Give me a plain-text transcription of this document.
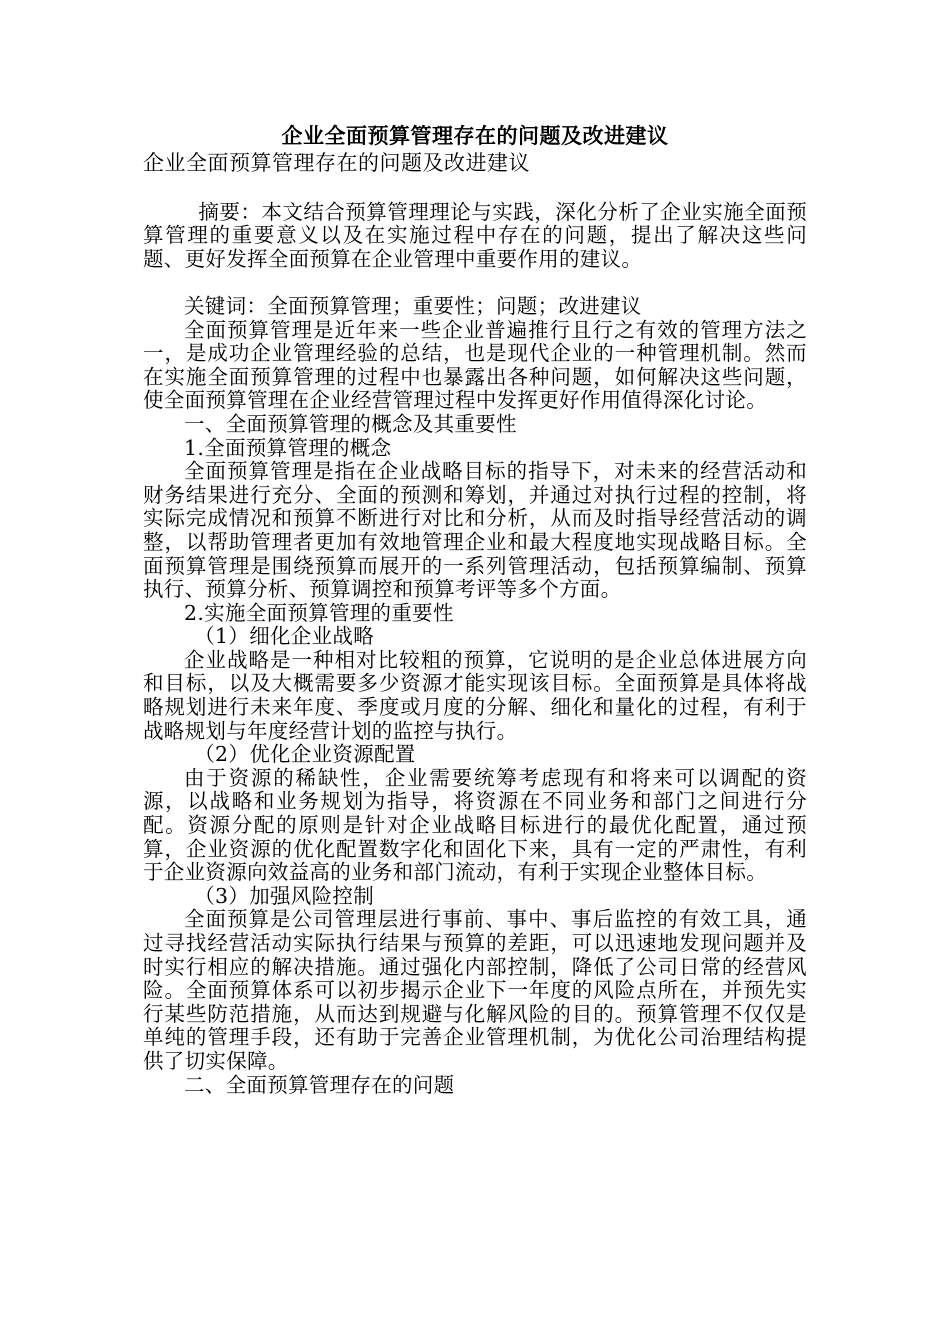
企业全面预算管理存在的问题及改进建议

企业全面预算管理存在的问题及改进建议

摘要：本文结合预算管理理论与实践，深化分析了企业实施全面预算管理的重要意义以及在实施过程中存在的问题，提出了解决这些问题、更好发挥全面预算在企业管理中重要作用的建议。

关键词：全面预算管理；重要性；问题；改进建议

全面预算管理是近年来一些企业普遍推行且行之有效的管理方法之一，是成功企业管理经验的总结，也是现代企业的一种管理机制。然而在实施全面预算管理的过程中也暴露出各种问题，如何解决这些问题，使全面预算管理在企业经营管理过程中发挥更好作用值得深化讨论。

一、全面预算管理的概念及其重要性

1.全面预算管理的概念

全面预算管理是指在企业战略目标的指导下，对未来的经营活动和财务结果进行充分、全面的预测和筹划，并通过对执行过程的控制，将实际完成情况和预算不断进行对比和分析，从而及时指导经营活动的调整，以帮助管理者更加有效地管理企业和最大程度地实现战略目标。全面预算管理是围绕预算而展开的一系列管理活动，包括预算编制、预算执行、预算分析、预算调控和预算考评等多个方面。

2.实施全面预算管理的重要性

（1）细化企业战略

企业战略是一种相对比较粗的预算，它说明的是企业总体进展方向和目标，以及大概需要多少资源才能实现该目标。全面预算是具体将战略规划进行未来年度、季度或月度的分解、细化和量化的过程，有利于战略规划与年度经营计划的监控与执行。

（2）优化企业资源配置

由于资源的稀缺性，企业需要统筹考虑现有和将来可以调配的资源，以战略和业务规划为指导，将资源在不同业务和部门之间进行分配。资源分配的原则是针对企业战略目标进行的最优化配置，通过预算，企业资源的优化配置数字化和固化下来，具有一定的严肃性，有利于企业资源向效益高的业务和部门流动，有利于实现企业整体目标。

（3）加强风险控制

全面预算是公司管理层进行事前、事中、事后监控的有效工具，通过寻找经营活动实际执行结果与预算的差距，可以迅速地发现问题并及时实行相应的解决措施。通过强化内部控制，降低了公司日常的经营风险。全面预算体系可以初步揭示企业下一年度的风险点所在，并预先实行某些防范措施，从而达到规避与化解风险的目的。预算管理不仅仅是单纯的管理手段，还有助于完善企业管理机制，为优化公司治理结构提供了切实保障。

二、全面预算管理存在的问题
